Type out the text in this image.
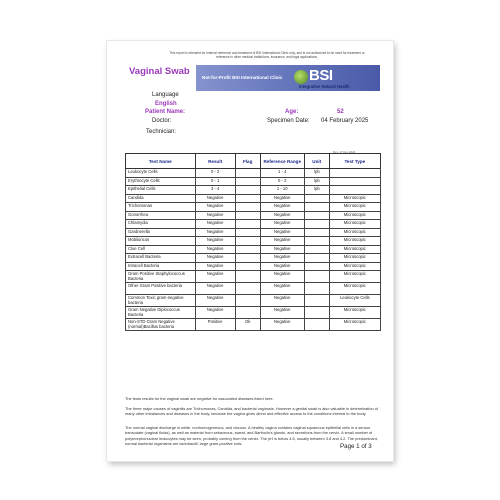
This report is intended for internal reference and treatment of BSI International Clinic only, and is not authorized to be used for treatment or reference in other medical institutions, insurance, and legal applications.
Vaginal Swab
Not-for-Profit BSI International Clinic BSI
Integrative Natural Health
Language
English
Patient Name:	Age:	52
Doctor:	Specimen Date: 04 February 2025
Technician:
Rev. 17 Dec 2024
Test Name	Result	Flag	Reference Range	Unit	Test Type
Leukocyte Cells	0 - 2		1 - 4	/pb	
Erythrocyte Cells	0 - 1		0 - 2	/pb	
Epithelial Cells	3 - 4		1 - 10	/pb	
Candida	Negative		Negative		Microscopic
Trichomonas	Negative		Negative		Microscopic
Gonorrhea	Negative		Negative		Microscopic
Chlamydia	Negative		Negative		Microscopic
Gardnerella	Negative		Negative		Microscopic
Mobiluncus	Negative		Negative		Microscopic
Clue Cell	Negative		Negative		Microscopic
Extracell Bacteria	Negative		Negative		Microscopic
Intracell Bacteria	Negative		Negative		Microscopic
Gram Positive Staphylococcus Bacteria	Negative		Negative		Microscopic
Other Gram Positive bacteria	Negative		Negative		Microscopic
Common Toxic gram-negative bacteria	Negative		Negative		Leukocyte Cells
Gram Negative Diplococcus Bacteria	Negative		Negative		Microscopic
Non-STD Gram Negative (normal)Bacillus bacteria	Positive	Ok	Negative		Microscopic
The tests results for the vaginal swab are negative for associated diseases listed here.
The three major causes of vaginitis are Trichomonas, Candida, and bacterial vaginosis. However a genital swab is also valuable in determination of many other imbalances and diseases in the body, because the vagina gives direct and effective access to the conditions internal to the body.
The normal vaginal discharge is white, nonhomogeneous, and viscous. A healthy vagina contains vaginal squamous epithelial cells in a serous transudate (vaginal fluids), as well as material from sebaceous, sweat, and Bartholin's glands, and secretions from the cervix. A small number of polymorphonuclear leukocytes may be seen, probably coming from the cervix. The pH is below 4.5, usually between 3.8 and 4.2. The predominant, normal bacterial organisms are lactobacilli, large gram-positive rods.	Page 1 of 3
